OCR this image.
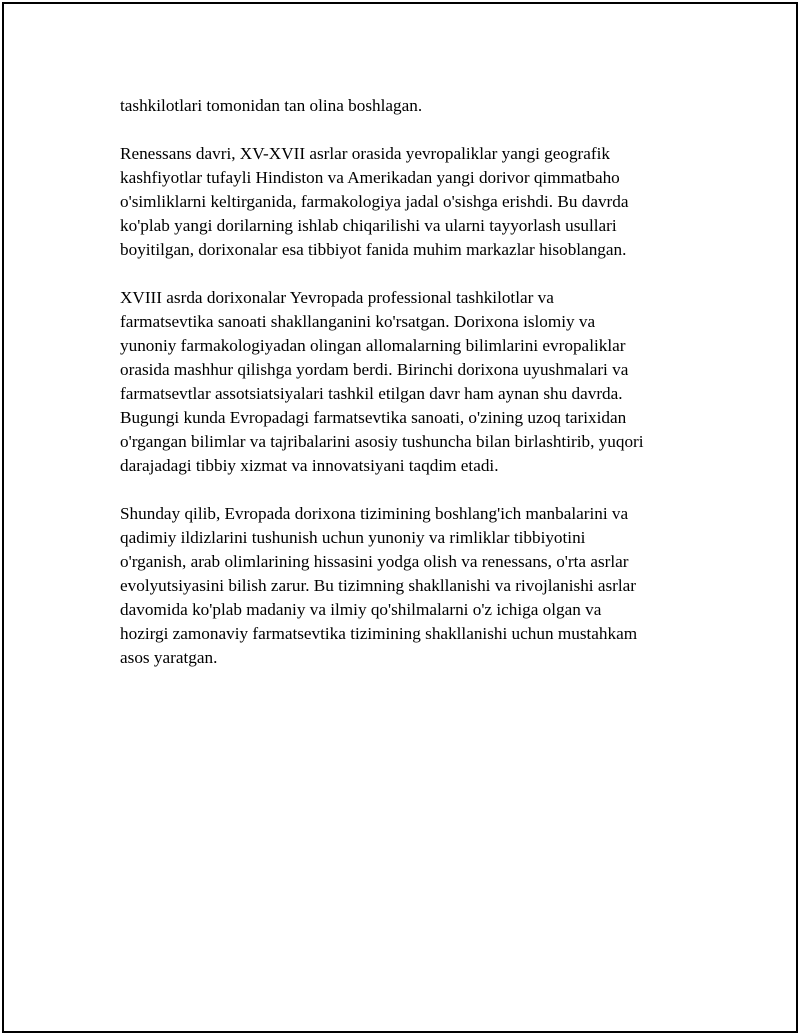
tashkilotlari tomonidan tan olina boshlagan.

Renessans davri, XV-XVII asrlar orasida yevropaliklar yangi geografik
kashfiyotlar tufayli Hindiston va Amerikadan yangi dorivor qimmatbaho
o'simliklarni keltirganida, farmakologiya jadal o'sishga erishdi. Bu davrda
ko'plab yangi dorilarning ishlab chiqarilishi va ularni tayyorlash usullari
boyitilgan, dorixonalar esa tibbiyot fanida muhim markazlar hisoblangan.

XVIII asrda dorixonalar Yevropada professional tashkilotlar va
farmatsevtika sanoati shakllanganini ko'rsatgan. Dorixona islomiy va
yunoniy farmakologiyadan olingan allomalarning bilimlarini evropaliklar
orasida mashhur qilishga yordam berdi. Birinchi dorixona uyushmalari va
farmatsevtlar assotsiatsiyalari tashkil etilgan davr ham aynan shu davrda.
Bugungi kunda Evropadagi farmatsevtika sanoati, o'zining uzoq tarixidan
o'rgangan bilimlar va tajribalarini asosiy tushuncha bilan birlashtirib, yuqori
darajadagi tibbiy xizmat va innovatsiyani taqdim etadi.

Shunday qilib, Evropada dorixona tizimining boshlang'ich manbalarini va
qadimiy ildizlarini tushunish uchun yunoniy va rimliklar tibbiyotini
o'rganish, arab olimlarining hissasini yodga olish va renessans, o'rta asrlar
evolyutsiyasini bilish zarur. Bu tizimning shakllanishi va rivojlanishi asrlar
davomida ko'plab madaniy va ilmiy qo'shilmalarni o'z ichiga olgan va
hozirgi zamonaviy farmatsevtika tizimining shakllanishi uchun mustahkam
asos yaratgan.
